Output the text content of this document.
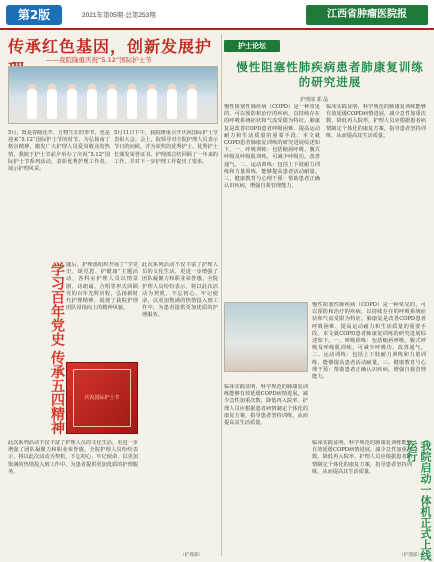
第2版	2021年第05期·总第253期	江西省肿瘤医院报
传承红色基因，创新发展护
——我院隆重庆祝“5.12”国际护士节
5月，既是春暖花开、万物生长的季节，也是迎来“5.12”国际护士节的时节。为弘扬南丁格尔精神，激发广大护理人员爱岗敬业的热情，我院于护士节前夕举办了庆祝“5.12”国际护士节系列活动，表彰优秀护理工作者，展示护理风采。
5月11日下午，我院隆重召开庆祝国际护士节表彰大会。会上，院领导对全院护理人员表示节日的问候，并为获奖的优秀护士、优秀护士长颁发荣誉证书。护理部总结回顾了一年来的工作，并对下一步护理工作提出了要求。
学习百年党史 传承五四精神 随后，护理部组织开展了“学党史、颂党恩、护健康”主题活动，各科室护理人员以情景剧、诗朗诵、合唱等形式回顾党的百年光辉历程，弘扬新时代护理精神，展现了我院护理团队昂扬向上的精神风貌。
庆祝国际护士节
此次系列活动不仅丰富了护理人员的文化生活，更进一步增强了团队凝聚力和职业荣誉感。全院护理人员纷纷表示，将以此次活动为契机，不忘初心、牢记使命，以更加饱满的热情投入到工作中，为患者提供更加优质的护理服务。
此次系列活动不仅丰富了护理人员的文化生活，更进一步增强了团队凝聚力和职业荣誉感。全院护理人员纷纷表示，将以此次活动为契机，不忘初心、牢记使命，以更加饱满的热情投入到工作中，为患者提供更加优质的护理服务。
（护理部）
护士论坛
慢性阻塞性肺疾病患者肺康复训练的研究进展
护理部 郭 晶
慢性阻塞性肺疾病（COPD）是一种常见的、可以预防和治疗的疾病，以持续存在的呼吸系统症状和气流受限为特征。肺康复是改善COPD患者呼吸困难、提高运动耐力和生活质量的重要手段。本文就COPD患者肺康复训练的研究进展综述如下。一、呼吸训练：包括缩唇呼吸、腹式呼吸及呼吸肌训练，可减少呼吸功，改善通气。二、运动训练：包括上下肢耐力训练和力量训练，能够提高患者活动耐量。三、健康教育与心理干预：帮助患者正确认识疾病，增强自我管理能力。
临床实践证明，科学规范的肺康复训练能够有效延缓COPD病情进展，减少急性加重次数，降低再入院率。护理人员应根据患者病情制定个体化的康复方案，指导患者坚持训练，从而提高其生活质量。
慢性阻塞性肺疾病（COPD）是一种常见的、可以预防和治疗的疾病，以持续存在的呼吸系统症状和气流受限为特征。肺康复是改善COPD患者呼吸困难、提高运动耐力和生活质量的重要手段。本文就COPD患者肺康复训练的研究进展综述如下。一、呼吸训练：包括缩唇呼吸、腹式呼吸及呼吸肌训练，可减少呼吸功，改善通气。二、运动训练：包括上下肢耐力训练和力量训练，能够提高患者活动耐量。三、健康教育与心理干预：帮助患者正确认识疾病，增强自我管理能力。
临床实践证明，科学规范的肺康复训练能够有效延缓COPD病情进展，减少急性加重次数，降低再入院率。护理人员应根据患者病情制定个体化的康复方案，指导患者坚持训练，从而提高其生活质量。
临床实践证明，科学规范的肺康复训练能够有效延缓COPD病情进展，减少急性加重次数，降低再入院率。护理人员应根据患者病情制定个体化的康复方案，指导患者坚持训练，从而提高其生活质量。	我院启动一体机正式上线运行
（护理部）
